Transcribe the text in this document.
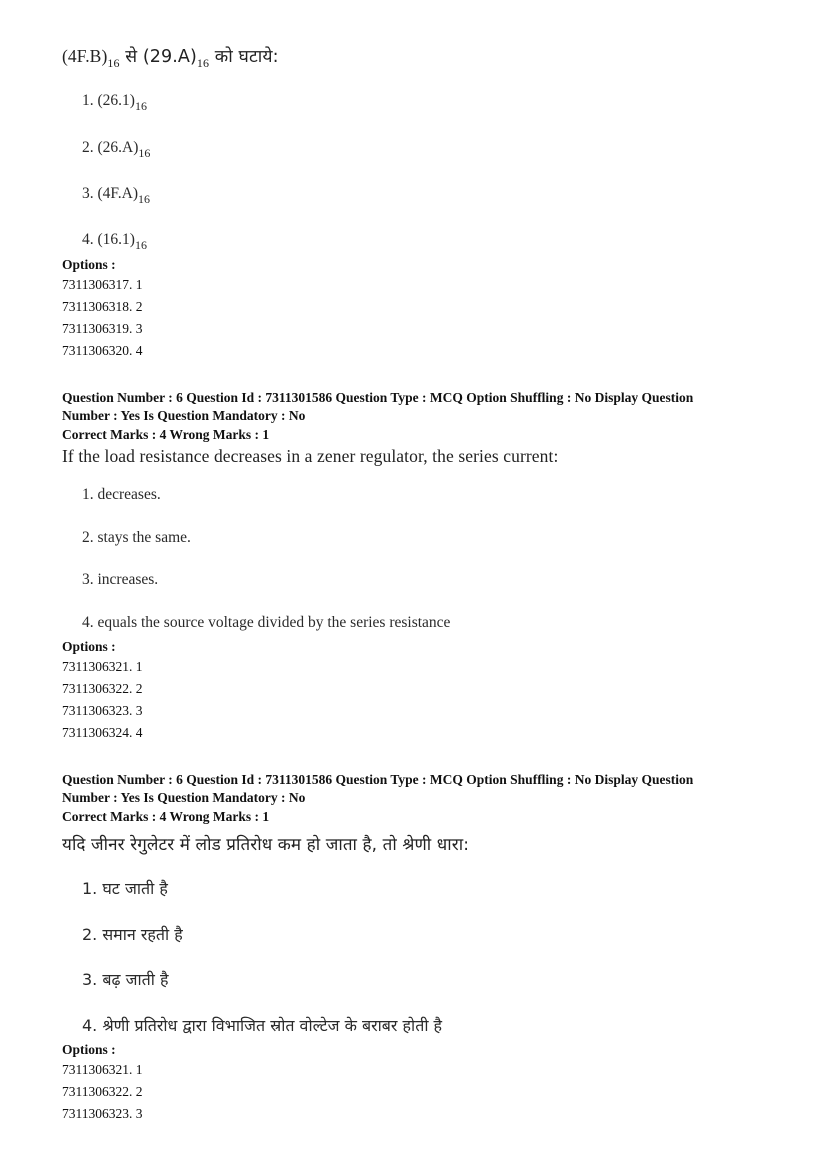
$(4F.B)_{16}$ से $(29.A)_{16}$ को घटाये:
1. $(26.1)_{16}$
2. $(26.A)_{16}$
3. $(4F.A)_{16}$
4. $(16.1)_{16}$
Options :
7311306317. 1
7311306318. 2
7311306319. 3
7311306320. 4
Question Number : 6 Question Id : 7311301586 Question Type : MCQ Option Shuffling : No Display Question
Number : Yes Is Question Mandatory : No
Correct Marks : 4 Wrong Marks : 1
If the load resistance decreases in a zener regulator, the series current:
1. decreases.
2. stays the same.
3. increases.
4. equals the source voltage divided by the series resistance
Options :
7311306321. 1
7311306322. 2
7311306323. 3
7311306324. 4
Question Number : 6 Question Id : 7311301586 Question Type : MCQ Option Shuffling : No Display Question
Number : Yes Is Question Mandatory : No
Correct Marks : 4 Wrong Marks : 1
यदि जीनर रेगुलेटर में लोड प्रतिरोध कम हो जाता है, तो श्रेणी धारा:
1. घट जाती है
2. समान रहती है
3. बढ़ जाती है
4. श्रेणी प्रतिरोध द्वारा विभाजित स्रोत वोल्टेज के बराबर होती है
Options :
7311306321. 1
7311306322. 2
7311306323. 3
